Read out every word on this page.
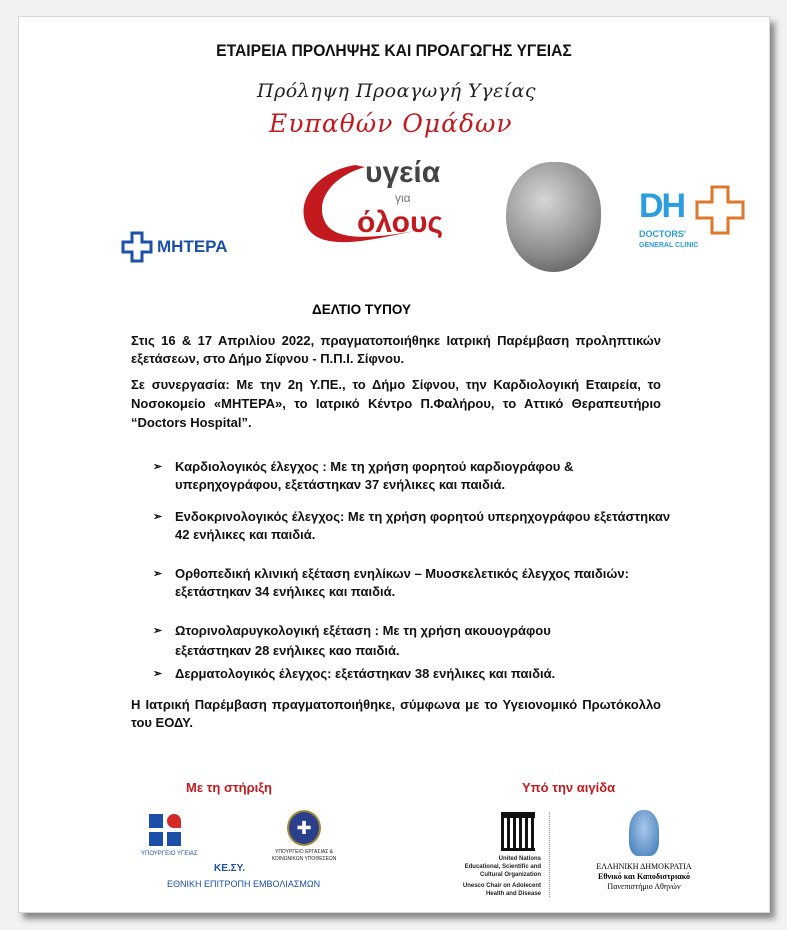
ΕΤΑΙΡΕΙΑ ΠΡΟΛΗΨΗΣ ΚΑΙ ΠΡΟΑΓΩΓΗΣ ΥΓΕΙΑΣ
Πρόληψη Προαγωγή Υγείας
Ευπαθών Ομάδων
υγεία
για
όλους	DH
DOCTORS'
GENERAL CLINIC
ΜΗΤΕΡΑ
ΔΕΛΤΙΟ ΤΥΠΟΥ
Στις 16 & 17 Απριλίου 2022, πραγματοποιήθηκε Ιατρική Παρέμβαση προληπτικών εξετάσεων, στο Δήμο Σίφνου - Π.Π.Ι. Σίφνου.
Σε συνεργασία: Με την 2η Υ.ΠΕ., το Δήμο Σίφνου, την Καρδιολογική Εταιρεία, το Νοσοκομείο «ΜΗΤΕΡΑ», το Ιατρικό Κέντρο Π.Φαλήρου, το Αττικό Θεραπευτήριο “Doctors Hospital”.
➢ Καρδιολογικός έλεγχος : Με τη χρήση φορητού καρδιογράφου & υπερηχογράφου, εξετάστηκαν 37 ενήλικες και παιδιά.
➢ Ενδοκρινολογικός έλεγχος: Με τη χρήση φορητού υπερηχογράφου εξετάστηκαν 42 ενήλικες και παιδιά.
➢ Ορθοπεδική κλινική εξέταση ενηλίκων – Μυοσκελετικός έλεγχος παιδιών: εξετάστηκαν 34 ενήλικες και παιδιά.
➢ Ωτορινολαρυγκολογική εξέταση : Με τη χρήση ακουογράφου εξετάστηκαν 28 ενήλικες καο παιδιά.
➢ Δερματολογικός έλεγχος: εξετάστηκαν 38 ενήλικες και παιδιά.
Η Ιατρική Παρέμβαση πραγματοποιήθηκε, σύμφωνα με το Υγειονομικό Πρωτόκολλο του ΕΟΔΥ.
Με τη στήριξη	Υπό την αιγίδα
ΥΠΟΥΡΓΕΙΟ ΥΓΕΙΑΣ
✚
ΥΠΟΥΡΓΕΙΟ ΕΡΓΑΣΙΑΣ & ΚΟΙΝΩΝΙΚΩΝ ΥΠΟΘΕΣΕΩΝ
ΚΕ.ΣΥ.
ΕΘΝΙΚΗ ΕΠΙΤΡΟΠΗ ΕΜΒΟΛΙΑΣΜΩΝ
United Nations
Educational, Scientific and
Cultural Organization
Unesco Chair on Adolecent
Health and Disease
ΕΛΛΗΝΙΚΗ ΔΗΜΟΚΡΑΤΙΑ
Εθνικό και Καποδιστριακό
Πανεπιστήμιο Αθηνών
